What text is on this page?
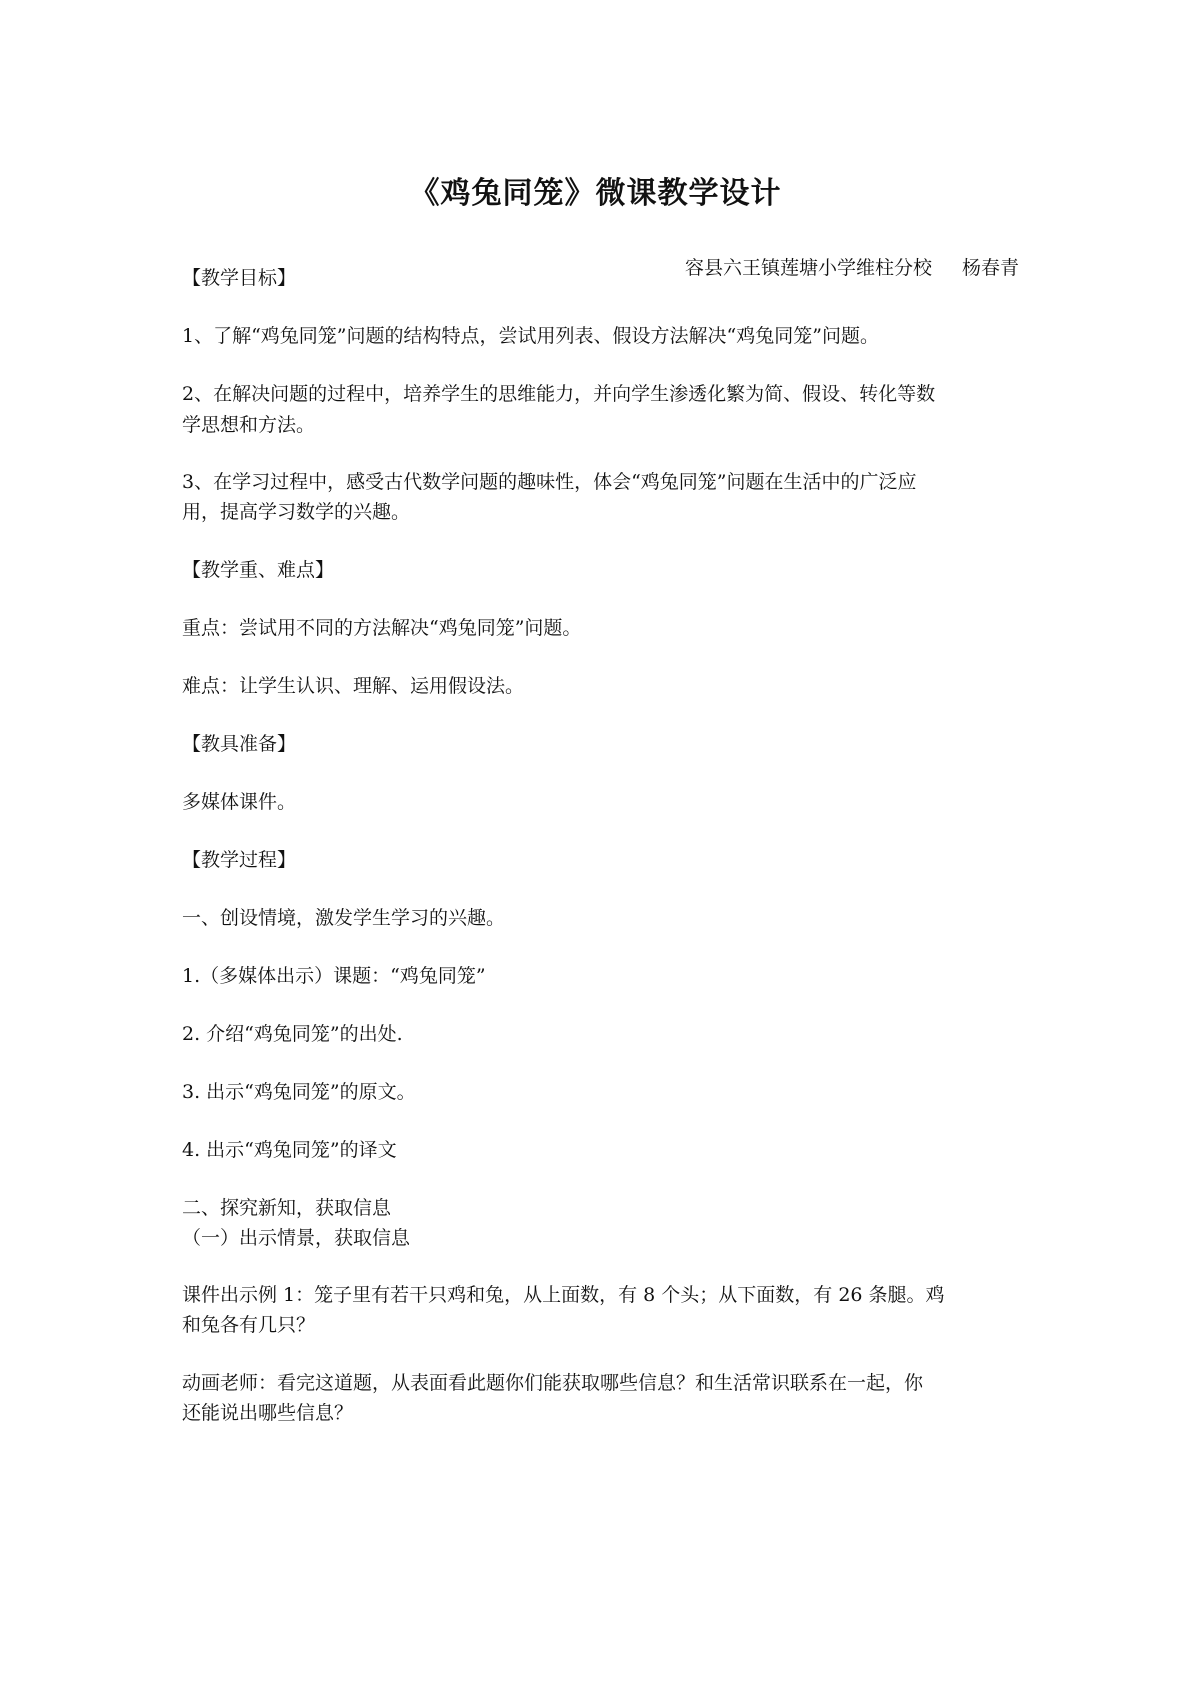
《鸡兔同笼》微课教学设计
容县六王镇莲塘小学维柱分校 杨春青

【教学目标】

1、了解“鸡兔同笼”问题的结构特点，尝试用列表、假设方法解决“鸡兔同笼”问题。

2、在解决问题的过程中，培养学生的思维能力，并向学生渗透化繁为简、假设、转化等数

学思想和方法。

3、在学习过程中，感受古代数学问题的趣味性，体会“鸡兔同笼”问题在生活中的广泛应

用，提高学习数学的兴趣。

【教学重、难点】

重点：尝试用不同的方法解决“鸡兔同笼”问题。

难点：让学生认识、理解、运用假设法。

【教具准备】

多媒体课件。

【教学过程】

一、创设情境，激发学生学习的兴趣。

1.（多媒体出示）课题：“鸡兔同笼”

2. 介绍“鸡兔同笼”的出处.

3. 出示“鸡兔同笼”的原文。

4. 出示“鸡兔同笼”的译文

二、探究新知，获取信息

（一）出示情景，获取信息

课件出示例 1：笼子里有若干只鸡和兔，从上面数，有 8 个头；从下面数，有 26 条腿。鸡

和兔各有几只？

动画老师：看完这道题，从表面看此题你们能获取哪些信息？和生活常识联系在一起，你

还能说出哪些信息？
